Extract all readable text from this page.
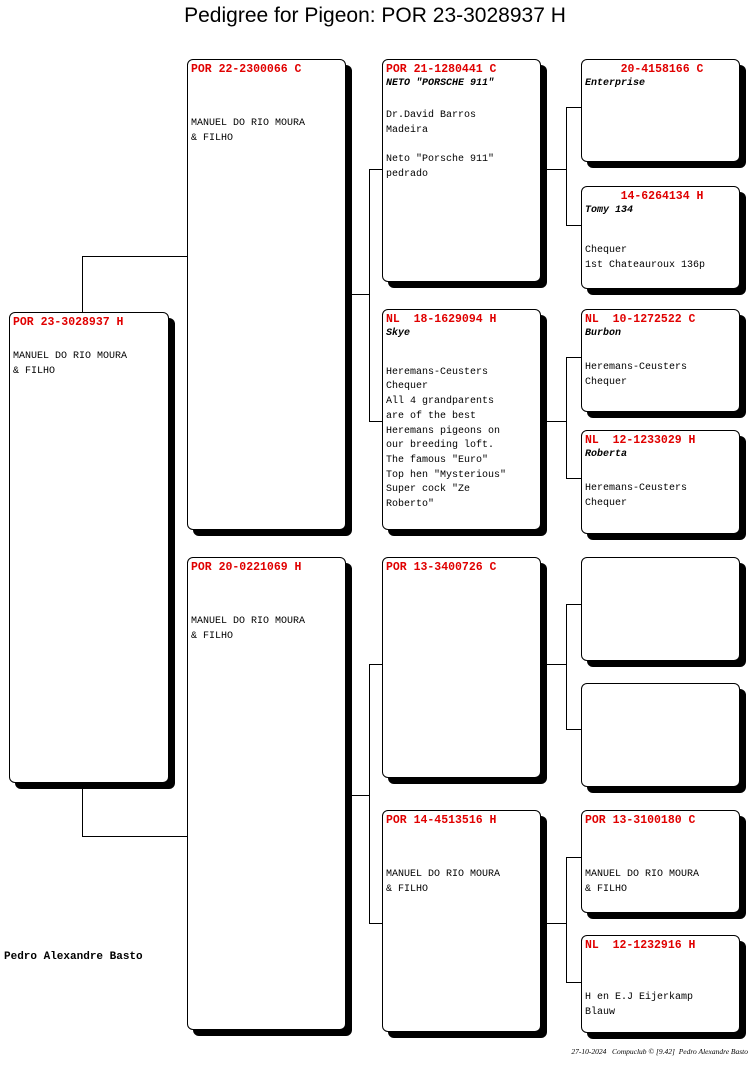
Pedigree for Pigeon: POR 23-3028937 H
POR 23-3028937 H
MANUEL DO RIO MOURA
& FILHO
POR 22-2300066 C
MANUEL DO RIO MOURA
& FILHO
POR 20-0221069 H
MANUEL DO RIO MOURA
& FILHO
POR 21-1280441 C
NETO "PORSCHE 911"
Dr.David Barros
Madeira

Neto "Porsche 911"
pedrado
NL  18-1629094 H
Skye

Heremans-Ceusters
Chequer
All 4 grandparents
are of the best
Heremans pigeons on
our breeding loft.
The famous "Euro"
Top hen "Mysterious"
Super cock "Ze
Roberto"
POR 13-3400726 C
POR 14-4513516 H
MANUEL DO RIO MOURA
& FILHO
20-4158166 C
Enterprise
14-6264134 H
Tomy 134
Chequer
1st Chateauroux 136p
NL  10-1272522 C
Burbon
Heremans-Ceusters
Chequer
NL  12-1233029 H
Roberta
Heremans-Ceusters
Chequer
POR 13-3100180 C
MANUEL DO RIO MOURA
& FILHO
NL  12-1232916 H
H en E.J Eijerkamp
Blauw
Pedro Alexandre Basto
27-10-2024   Compuclub © [9.42]  Pedro Alexandre Basto
